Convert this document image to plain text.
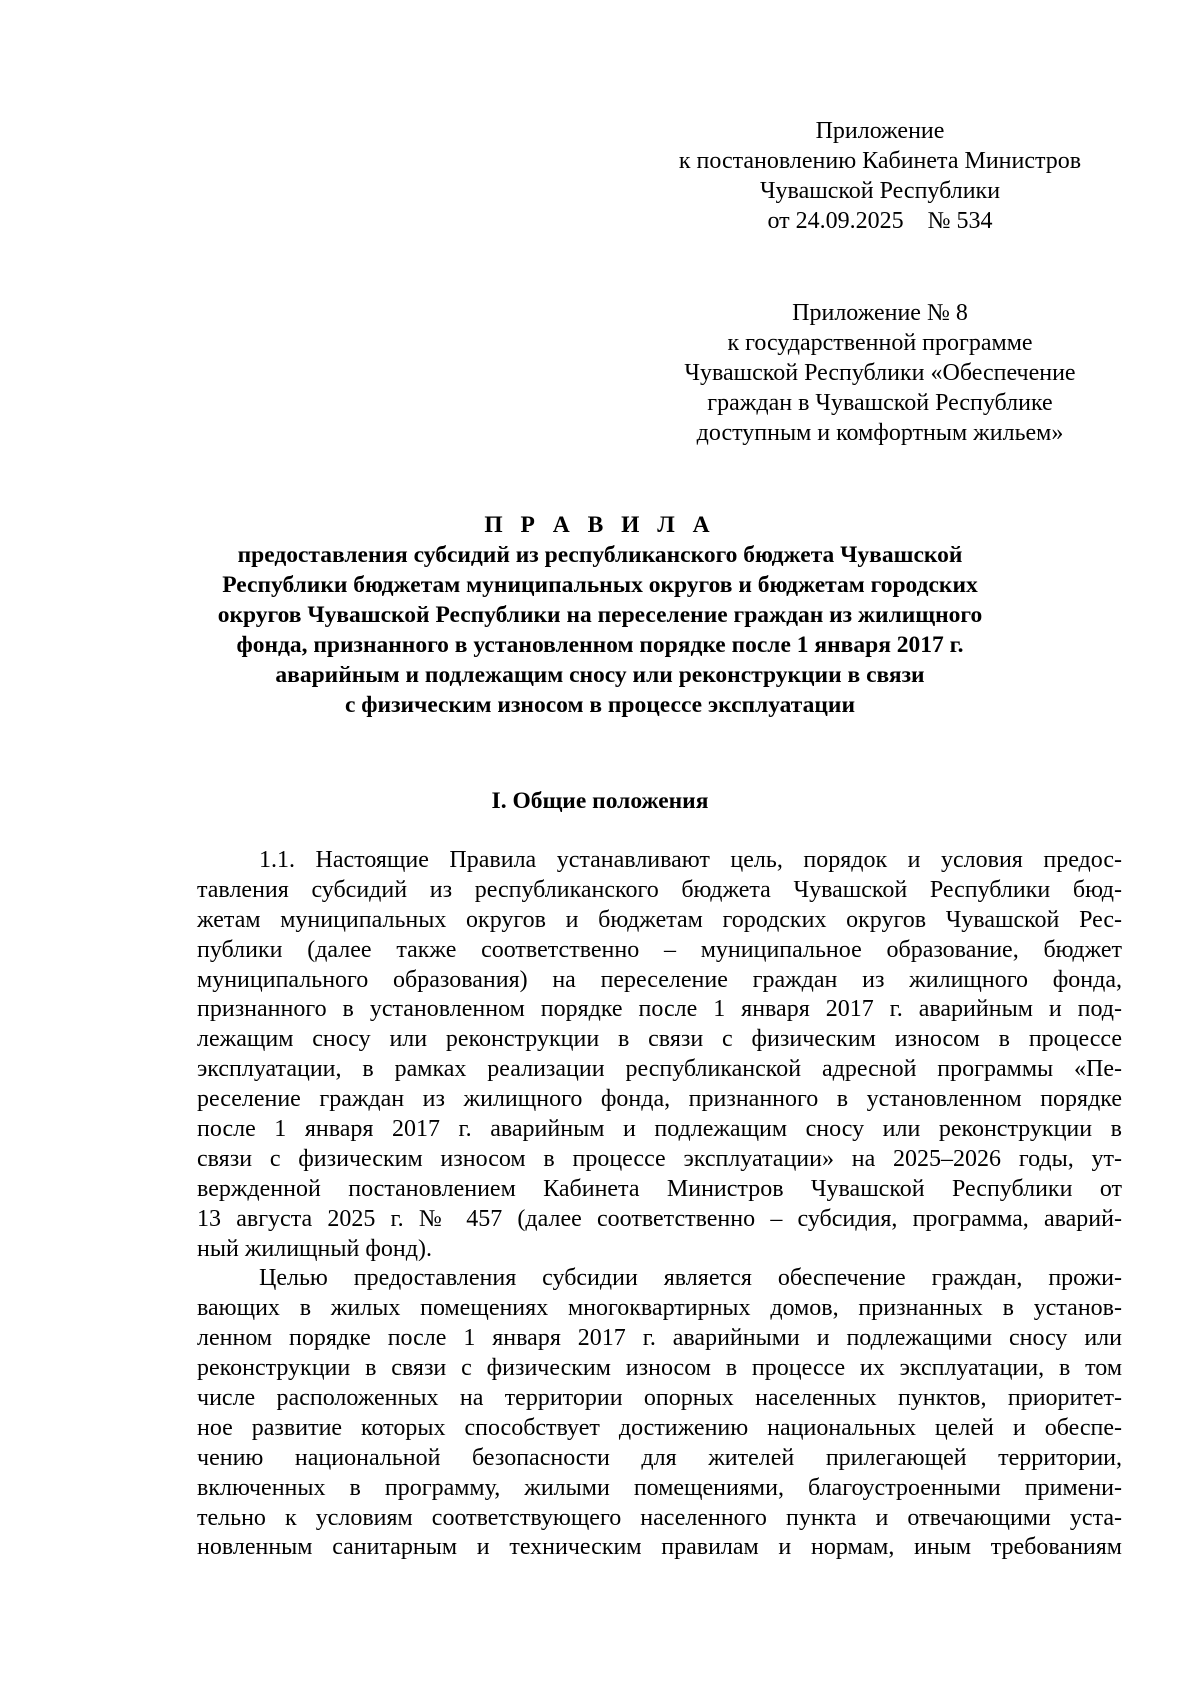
Приложение
к постановлению Кабинета Министров
Чувашской Республики
от 24.09.2025    № 534
Приложение № 8
к государственной программе
Чувашской Республики «Обеспечение
граждан в Чувашской Республике
доступным и комфортным жильем»
П Р А В И Л А
предоставления субсидий из республиканского бюджета Чувашской
Республики бюджетам муниципальных округов и бюджетам городских
округов Чувашской Республики на переселение граждан из жилищного
фонда, признанного в установленном порядке после 1 января 2017 г.
аварийным и подлежащим сносу или реконструкции в связи
с физическим износом в процессе эксплуатации
I. Общие положения
1.1. Настоящие Правила устанавливают цель, порядок и условия предос-
тавления субсидий из республиканского бюджета Чувашской Республики бюд-
жетам муниципальных округов и бюджетам городских округов Чувашской Рес-
публики (далее также соответственно – муниципальное образование, бюджет
муниципального образования) на переселение граждан из жилищного фонда,
признанного в установленном порядке после 1 января 2017 г. аварийным и под-
лежащим сносу или реконструкции в связи с физическим износом в процессе
эксплуатации, в рамках реализации республиканской адресной программы «Пе-
реселение граждан из жилищного фонда, признанного в установленном порядке
после 1 января 2017 г. аварийным и подлежащим сносу или реконструкции в
связи с физическим износом в процессе эксплуатации» на 2025–2026 годы, ут-
вержденной постановлением Кабинета Министров Чувашской Республики от
13 августа 2025 г. № 457 (далее соответственно – субсидия, программа, аварий-
ный жилищный фонд).
Целью предоставления субсидии является обеспечение граждан, прожи-
вающих в жилых помещениях многоквартирных домов, признанных в установ-
ленном порядке после 1 января 2017 г. аварийными и подлежащими сносу или
реконструкции в связи с физическим износом в процессе их эксплуатации, в том
числе расположенных на территории опорных населенных пунктов, приоритет-
ное развитие которых способствует достижению национальных целей и обеспе-
чению национальной безопасности для жителей прилегающей территории,
включенных в программу, жилыми помещениями, благоустроенными примени-
тельно к условиям соответствующего населенного пункта и отвечающими уста-
новленным санитарным и техническим правилам и нормам, иным требованиям
